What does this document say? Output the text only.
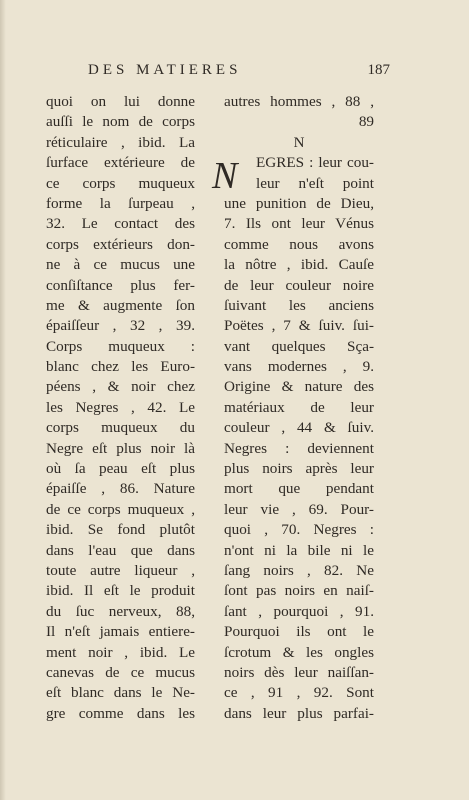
DES MATIERES	187
quoi on lui donne
auſſi le nom de corps
réticulaire , ibid. La
ſurface extérieure de
ce corps muqueux
forme la ſurpeau ,
32. Le contact des
corps extérieurs don-
ne à ce mucus une
conſiſtance plus fer-
me & augmente ſon
épaiſſeur , 32 , 39.
Corps muqueux :
blanc chez les Euro-
péens , & noir chez
les Negres , 42. Le
corps muqueux du
Negre eſt plus noir là
où ſa peau eſt plus
épaiſſe , 86. Nature
de ce corps muqueux ,
ibid. Se fond plutôt
dans l'eau que dans
toute autre liqueur ,
ibid. Il eſt le produit
du ſuc nerveux, 88,
Il n'eſt jamais entiere-
ment noir , ibid. Le
canevas de ce mucus
eſt blanc dans le Ne-
gre comme dans les
autres hommes , 88 ,
89
N
N	EGRES : leur cou-
leur n'eſt point
une punition de Dieu,
7. Ils ont leur Vénus
comme nous avons
la nôtre , ibid. Cauſe
de leur couleur noire
ſuivant les anciens
Poëtes , 7 & ſuiv. ſui-
vant quelques Sça-
vans modernes , 9.
Origine & nature des
matériaux de leur
couleur , 44 & ſuiv.
Negres : deviennent
plus noirs après leur
mort que pendant
leur vie , 69. Pour-
quoi , 70. Negres :
n'ont ni la bile ni le
ſang noirs , 82. Ne
ſont pas noirs en naiſ-
ſant , pourquoi , 91.
Pourquoi ils ont le
ſcrotum & les ongles
noirs dès leur naiſſan-
ce , 91 , 92. Sont
dans leur plus parfai-
